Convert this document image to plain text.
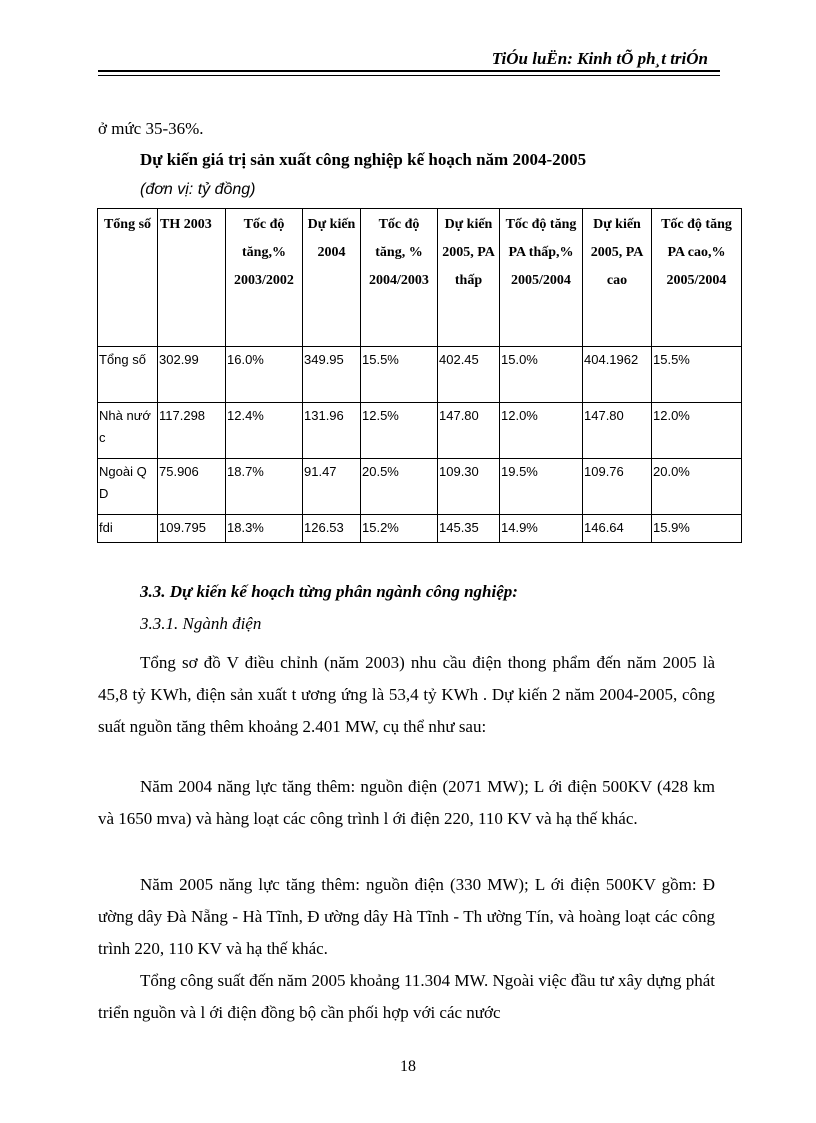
TiÓu luËn: Kinh tÕ ph¸t triÓn
ở mức 35-36%.
Dự kiến giá trị sản xuất công nghiệp kế hoạch năm 2004-2005
(đơn vị: tỷ đồng)
Tổng số	TH 2003	Tốc độ tăng,% 2003/2002	Dự kiến 2004	Tốc độ tăng, % 2004/2003	Dự kiến 2005, PA thấp	Tốc độ tăng PA thấp,% 2005/2004	Dự kiến 2005, PA cao	Tốc độ tăng PA cao,% 2005/2004
Tổng số	302.99	16.0%	349.95	15.5%	402.45	15.0%	404.1962	15.5%
Nhà nước	117.298	12.4%	131.96	12.5%	147.80	12.0%	147.80	12.0%
Ngoài QD	75.906	18.7%	91.47	20.5%	109.30	19.5%	109.76	20.0%
fdi	109.795	18.3%	126.53	15.2%	145.35	14.9%	146.64	15.9%
3.3. Dự kiến kế hoạch từng phân ngành công nghiệp:
3.3.1. Ngành điện

Tổng sơ đồ V điều chỉnh (năm 2003) nhu cầu điện thong phẩm đến năm 2005 là 45,8 tỷ KWh, điện sản xuất t ương ứng là 53,4 tỷ KWh . Dự kiến 2 năm 2004-2005, công suất nguồn tăng thêm khoảng 2.401 MW, cụ thể như sau:

Năm 2004 năng lực tăng thêm: nguồn điện (2071 MW); L ới điện 500KV (428 km và 1650 mva) và hàng loạt các công trình l ới điện 220, 110 KV và hạ thế khác.

Năm 2005 năng lực tăng thêm: nguồn điện (330 MW); L ới điện 500KV gồm: Đ ường dây Đà Nẵng - Hà Tĩnh, Đ ường dây Hà Tĩnh - Th ường Tín, và hoàng loạt các công trình 220, 110 KV và hạ thế khác.

Tổng công suất đến năm 2005 khoảng 11.304 MW. Ngoài việc đầu tư xây dựng phát triển nguồn và l ới điện đồng bộ cần phối hợp với các nước

18
